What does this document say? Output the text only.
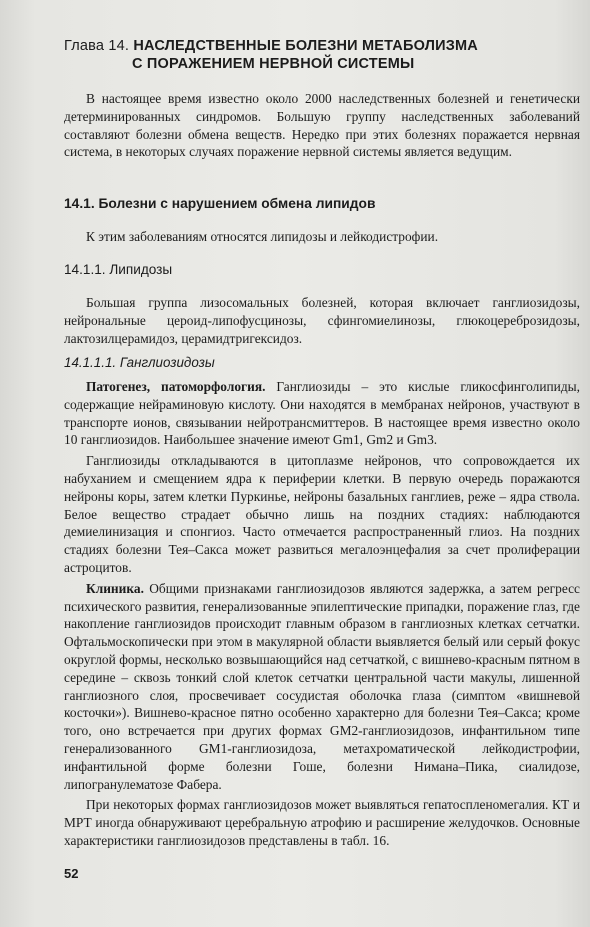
Глава 14. НАСЛЕДСТВЕННЫЕ БОЛЕЗНИ МЕТАБОЛИЗМА
С ПОРАЖЕНИЕМ НЕРВНОЙ СИСТЕМЫ

В настоящее время известно около 2000 наследственных болезней и генетически детерминированных синдромов. Большую группу наследственных заболеваний составляют болезни обмена веществ. Нередко при этих болезнях поражается нервная система, в некоторых случаях поражение нервной системы является ведущим.

14.1. Болезни с нарушением обмена липидов

К этим заболеваниям относятся липидозы и лейкодистрофии.

14.1.1. Липидозы

Большая группа лизосомальных болезней, которая включает ганглиозидозы, нейрональные цероид-липофусцинозы, сфингомиелинозы, глюкоцереброзидозы, лактозилцерамидоз, церамидтригексидоз.

14.1.1.1. Ганглиозидозы

Патогенез, патоморфология. Ганглиозиды – это кислые гликосфинголипиды, содержащие нейраминовую кислоту. Они находятся в мембранах нейронов, участвуют в транспорте ионов, связывании нейротрансмиттеров. В настоящее время известно около 10 ганглиозидов. Наибольшее значение имеют Gm1, Gm2 и Gm3.

Ганглиозиды откладываются в цитоплазме нейронов, что сопровождается их набуханием и смещением ядра к периферии клетки. В первую очередь поражаются нейроны коры, затем клетки Пуркинье, нейроны базальных ганглиев, реже – ядра ствола. Белое вещество страдает обычно лишь на поздних стадиях: наблюдаются демиелинизация и спонгиоз. Часто отмечается распространенный глиоз. На поздних стадиях болезни Тея–Сакса может развиться мегалоэнцефалия за счет пролиферации астроцитов.

Клиника. Общими признаками ганглиозидозов являются задержка, а затем регресс психического развития, генерализованные эпилептические припадки, поражение глаз, где накопление ганглиозидов происходит главным образом в ганглиозных клетках сетчатки. Офтальмоскопически при этом в макулярной области выявляется белый или серый фокус округлой формы, несколько возвышающийся над сетчаткой, с вишнево-красным пятном в середине – сквозь тонкий слой клеток сетчатки центральной части макулы, лишенной ганглиозного слоя, просвечивает сосудистая оболочка глаза (симптом «вишневой косточки»). Вишнево-красное пятно особенно характерно для болезни Тея–Сакса; кроме того, оно встречается при других формах GM2-ганглиозидозов, инфантильном типе генерализованного GM1-ганглиозидоза, метахроматической лейкодистрофии, инфантильной форме болезни Гоше, болезни Нимана–Пика, сиалидозе, липогранулематозе Фабера.

При некоторых формах ганглиозидозов может выявляться гепатоспленомегалия. КТ и МРТ иногда обнаруживают церебральную атрофию и расширение желудочков. Основные характеристики ганглиозидозов представлены в табл. 16.

52
